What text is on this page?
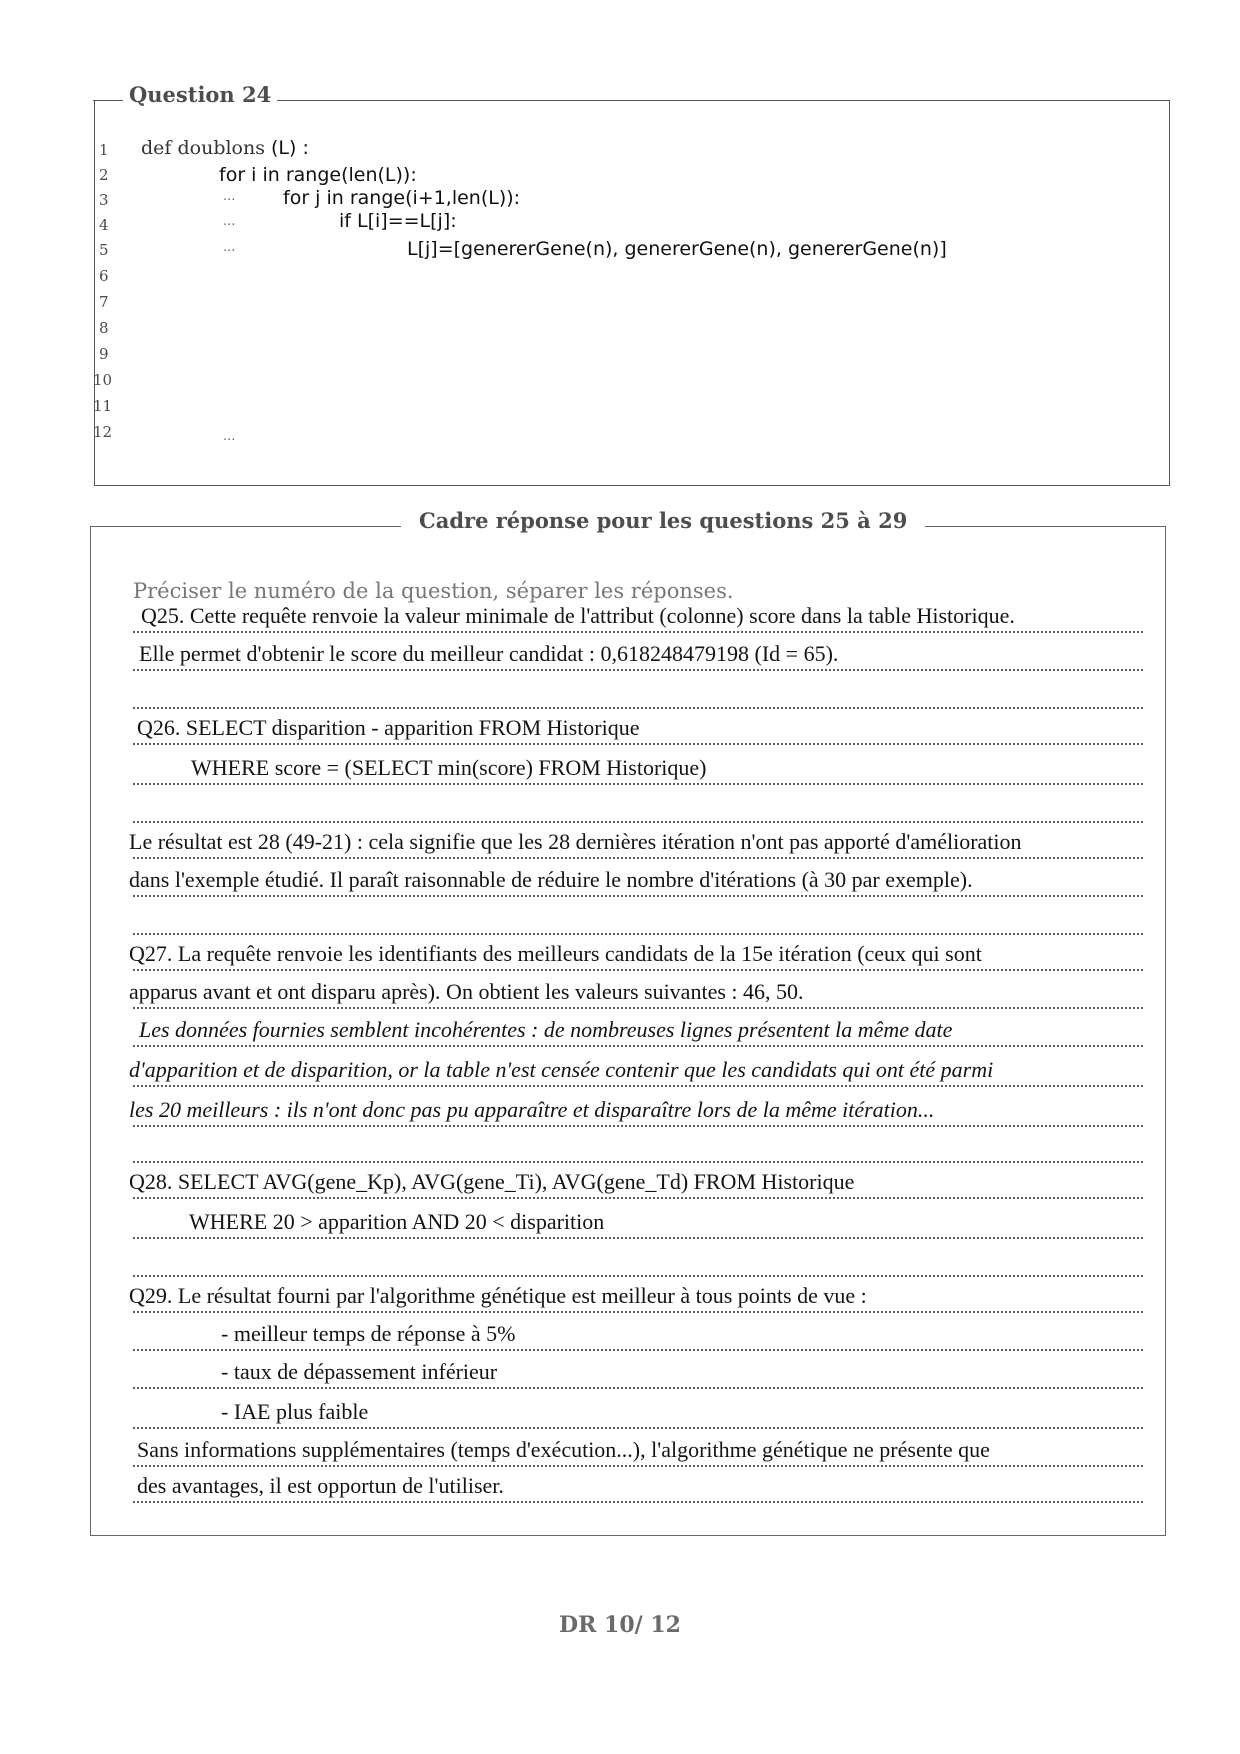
Question 24
1
2
3
4
5
6
7
8
9
10
11
12
def doublons (L) :
for i in range(len(L)):
...	for j in range(i+1,len(L)):
...	if L[i]==L[j]:
...	L[j]=[genererGene(n), genererGene(n), genererGene(n)]
...
Cadre réponse pour les questions 25 à 29
Préciser le numéro de la question, séparer les réponses.
Q25. Cette requête renvoie la valeur minimale de l'attribut (colonne) score dans la table Historique.
Elle permet d'obtenir le score du meilleur candidat : 0,618248479198 (Id = 65).
Q26. SELECT disparition - apparition FROM Historique
WHERE score = (SELECT min(score) FROM Historique)
Le résultat est 28 (49-21) : cela signifie que les 28 dernières itération n'ont pas apporté d'amélioration
dans l'exemple étudié. Il paraît raisonnable de réduire le nombre d'itérations (à 30 par exemple).
Q27. La requête renvoie les identifiants des meilleurs candidats de la 15e itération (ceux qui sont
apparus avant et ont disparu après). On obtient les valeurs suivantes : 46, 50.
Les données fournies semblent incohérentes : de nombreuses lignes présentent la même date
d'apparition et de disparition, or la table n'est censée contenir que les candidats qui ont été parmi
les 20 meilleurs : ils n'ont donc pas pu apparaître et disparaître lors de la même itération...
Q28. SELECT AVG(gene_Kp), AVG(gene_Ti), AVG(gene_Td) FROM Historique
WHERE 20 > apparition AND 20 < disparition
Q29. Le résultat fourni par l'algorithme génétique est meilleur à tous points de vue :
- meilleur temps de réponse à 5%
- taux de dépassement inférieur
- IAE plus faible
Sans informations supplémentaires (temps d'exécution...), l'algorithme génétique ne présente que
des avantages, il est opportun de l'utiliser.
DR 10/ 12
